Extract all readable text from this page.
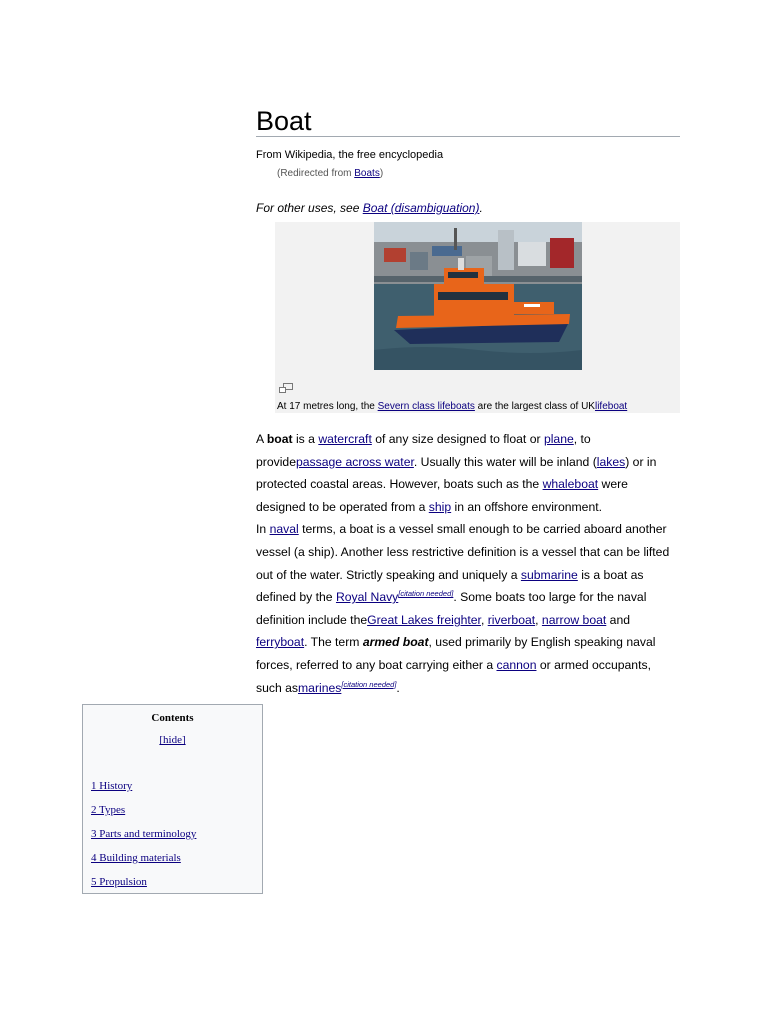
Boat
From Wikipedia, the free encyclopedia
(Redirected from Boats)
For other uses, see Boat (disambiguation).
At 17 metres long, the Severn class lifeboats are the largest class of UKlifeboat

A boat is a watercraft of any size designed to float or plane, to providepassage across water. Usually this water will be inland (lakes) or in protected coastal areas. However, boats such as the whaleboat were designed to be operated from a ship in an offshore environment.

In naval terms, a boat is a vessel small enough to be carried aboard another vessel (a ship). Another less restrictive definition is a vessel that can be lifted out of the water. Strictly speaking and uniquely a submarine is a boat as defined by the Royal Navy[citation needed]. Some boats too large for the naval definition include theGreat Lakes freighter, riverboat, narrow boat and ferryboat. The term armed boat, used primarily by English speaking naval forces, referred to any boat carrying either a cannon or armed occupants, such asmarines[citation needed].

Contents
[hide]
1 History
2 Types
3 Parts and terminology
4 Building materials
5 Propulsion
